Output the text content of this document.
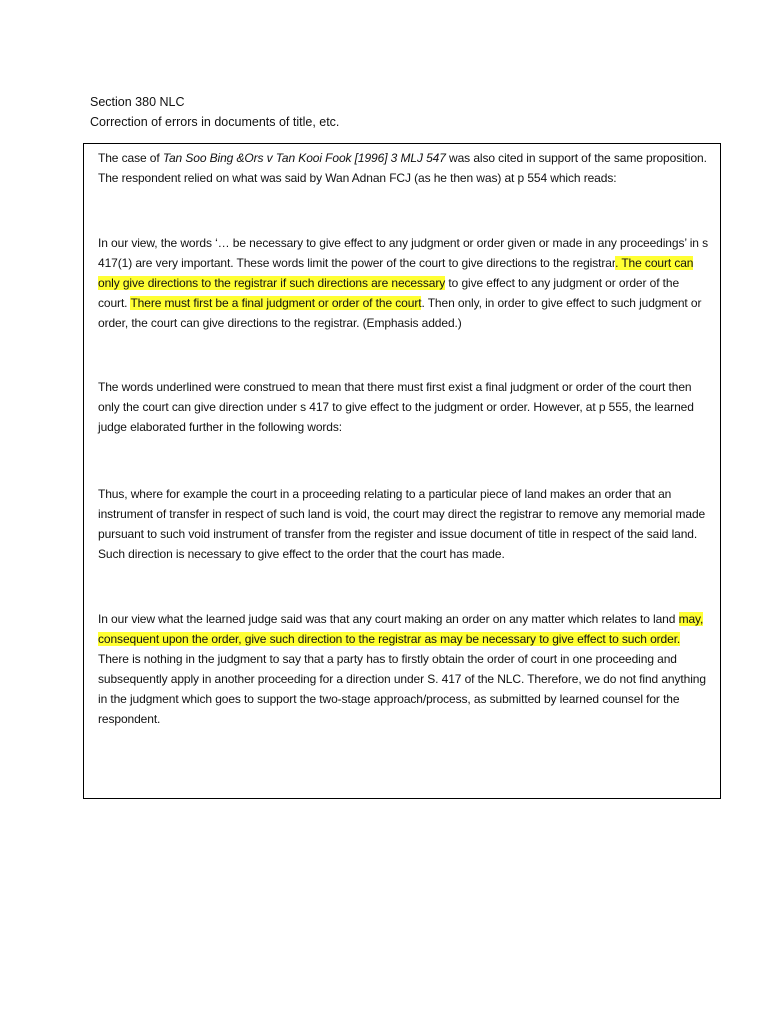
Section 380 NLC
Correction of errors in documents of title, etc.
The case of Tan Soo Bing &Ors v Tan Kooi Fook [1996] 3 MLJ 547 was also cited in support of the same proposition. The respondent relied on what was said by Wan Adnan FCJ (as he then was) at p 554 which reads:
In our view, the words ‘… be necessary to give effect to any judgment or order given or made in any proceedings’ in s 417(1) are very important. These words limit the power of the court to give directions to the registrar. The court can only give directions to the registrar if such directions are necessary to give effect to any judgment or order of the court. There must first be a final judgment or order of the court. Then only, in order to give effect to such judgment or order, the court can give directions to the registrar. (Emphasis added.)
The words underlined were construed to mean that there must first exist a final judgment or order of the court then only the court can give direction under s 417 to give effect to the judgment or order. However, at p 555, the learned judge elaborated further in the following words:
Thus, where for example the court in a proceeding relating to a particular piece of land makes an order that an instrument of transfer in respect of such land is void, the court may direct the registrar to remove any memorial made pursuant to such void instrument of transfer from the register and issue document of title in respect of the said land. Such direction is necessary to give effect to the order that the court has made.
In our view what the learned judge said was that any court making an order on any matter which relates to land may, consequent upon the order, give such direction to the registrar as may be necessary to give effect to such order. There is nothing in the judgment to say that a party has to firstly obtain the order of court in one proceeding and subsequently apply in another proceeding for a direction under S. 417 of the NLC. Therefore, we do not find anything in the judgment which goes to support the two-stage approach/process, as submitted by learned counsel for the respondent.
